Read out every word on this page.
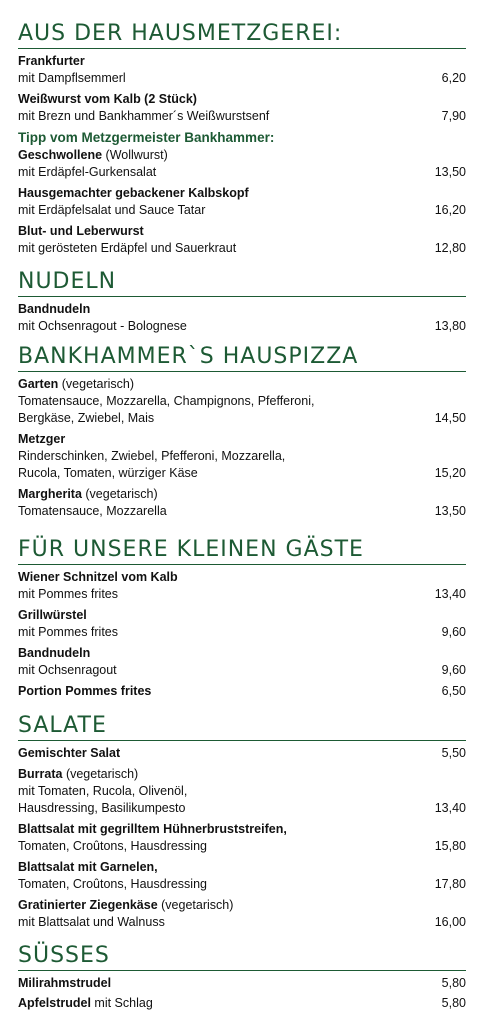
AUS DER HAUSMETZGEREI:
Frankfurter
mit Dampflsemmerl	6,20
Weißwurst vom Kalb (2 Stück)
mit Brezn und Bankhammer´s Weißwurstsenf	7,90
Tipp vom Metzgermeister Bankhammer:
Geschwollene (Wollwurst)
mit Erdäpfel-Gurkensalat	13,50
Hausgemachter gebackener Kalbskopf
mit Erdäpfelsalat und Sauce Tatar	16,20
Blut- und Leberwurst
mit gerösteten Erdäpfel und Sauerkraut	12,80
NUDELN
Bandnudeln
mit Ochsenragout - Bolognese	13,80
BANKHAMMER`S HAUSPIZZA
Garten (vegetarisch)
Tomatensauce, Mozzarella, Champignons, Pfefferoni,
Bergkäse, Zwiebel, Mais	14,50
Metzger
Rinderschinken, Zwiebel, Pfefferoni, Mozzarella,
Rucola, Tomaten, würziger Käse	15,20
Margherita (vegetarisch)
Tomatensauce, Mozzarella	13,50
FÜR UNSERE KLEINEN GÄSTE
Wiener Schnitzel vom Kalb
mit Pommes frites	13,40
Grillwürstel
mit Pommes frites	9,60
Bandnudeln
mit Ochsenragout	9,60
Portion Pommes frites	6,50
SALATE
Gemischter Salat	5,50
Burrata (vegetarisch)
mit Tomaten, Rucola, Olivenöl,
Hausdressing, Basilikumpesto	13,40
Blattsalat mit gegrilltem Hühnerbruststreifen,
Tomaten, Croûtons, Hausdressing	15,80
Blattsalat mit Garnelen,
Tomaten, Croûtons, Hausdressing	17,80
Gratinierter Ziegenkäse (vegetarisch)
mit Blattsalat und Walnuss	16,00
SÜSSES
Milirahmstrudel	5,80
Apfelstrudel mit Schlag	5,80
